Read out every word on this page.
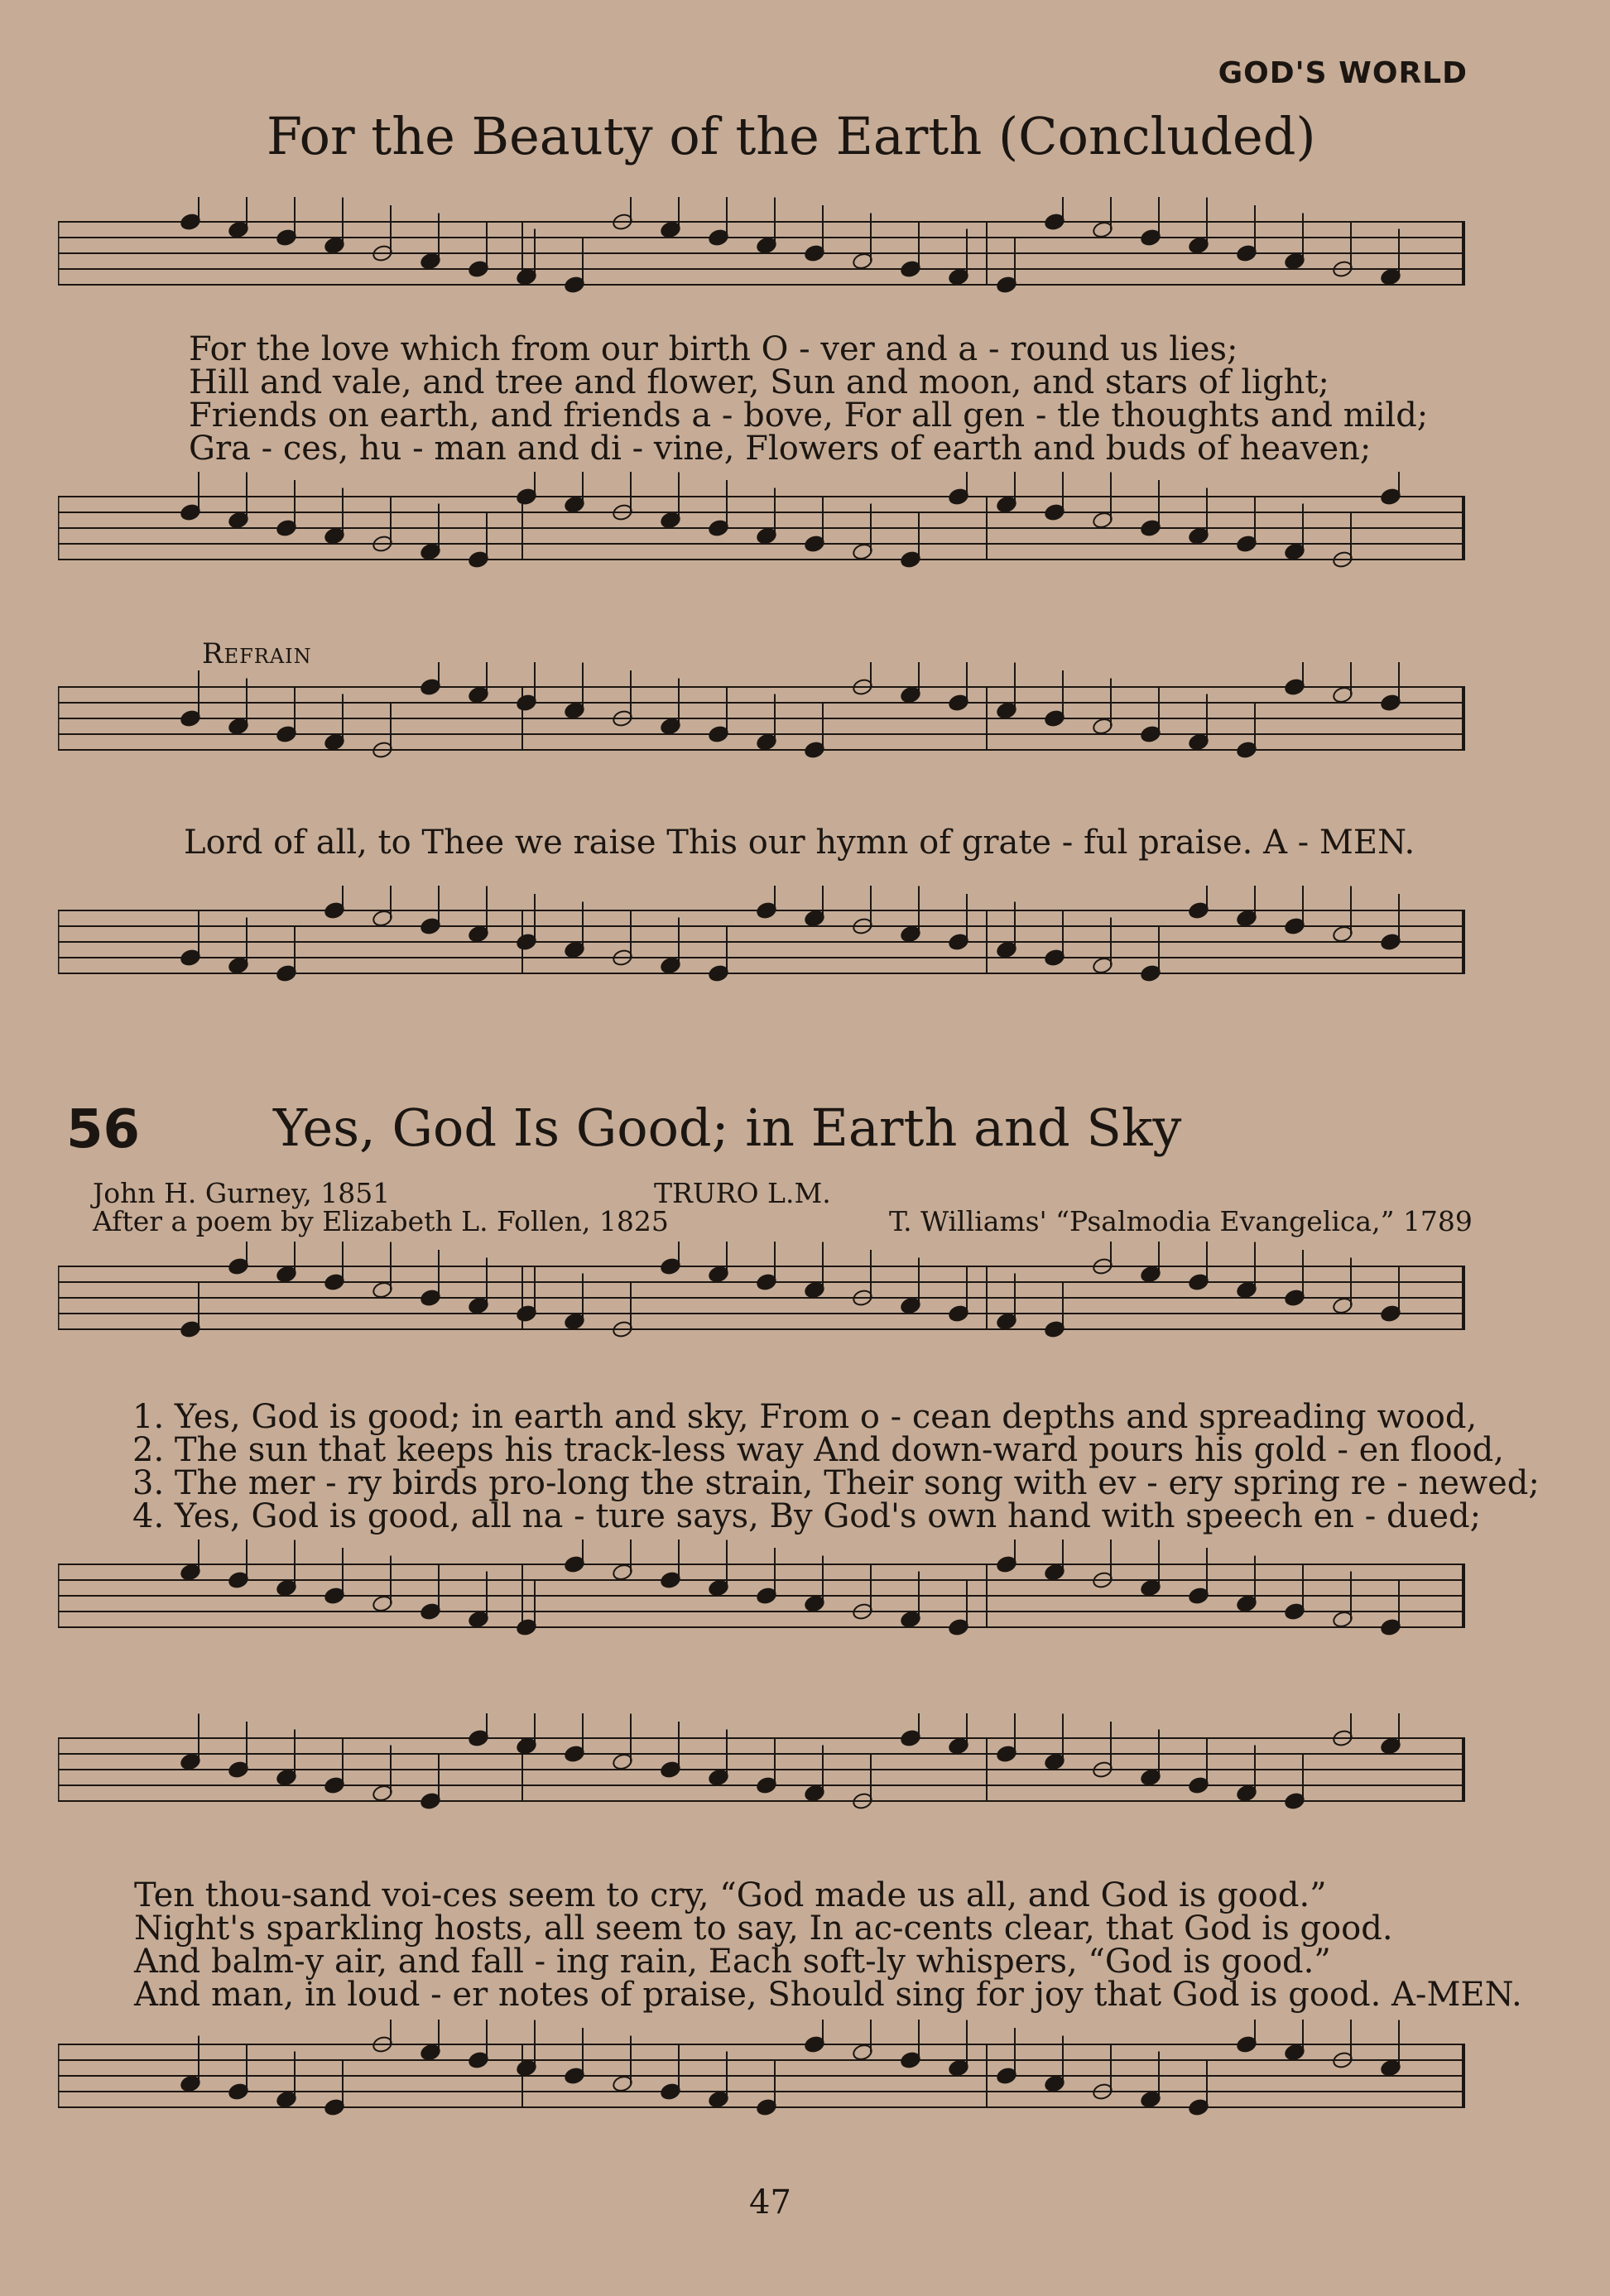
GOD'S WORLD
For the Beauty of the Earth (Concluded)
For the love which from our birth O - ver and a - round us lies;
Hill and vale, and tree and flower, Sun and moon, and stars of light;
Friends on earth, and friends a - bove, For all gen - tle thoughts and mild;
Gra - ces, hu - man and di - vine, Flowers of earth and buds of heaven;
Refrain
Lord of all, to Thee we raise This our hymn of grate - ful praise. A - MEN.
56	Yes, God Is Good; in Earth and Sky
John H. Gurney, 1851
After a poem by Elizabeth L. Follen, 1825
TRURO L.M.
T. Williams' “Psalmodia Evangelica,” 1789
1. Yes, God is good; in earth and sky, From o - cean depths and spreading wood,
2. The sun that keeps his track-less way And down-ward pours his gold - en flood,
3. The mer - ry birds pro-long the strain, Their song with ev - ery spring re - newed;
4. Yes, God is good, all na - ture says, By God's own hand with speech en - dued;
Ten thou-sand voi-ces seem to cry, “God made us all, and God is good.”
Night's sparkling hosts, all seem to say, In ac-cents clear, that God is good.
And balm-y air, and fall - ing rain, Each soft-ly whispers, “God is good.”
And man, in loud - er notes of praise, Should sing for joy that God is good. A-MEN.
47
